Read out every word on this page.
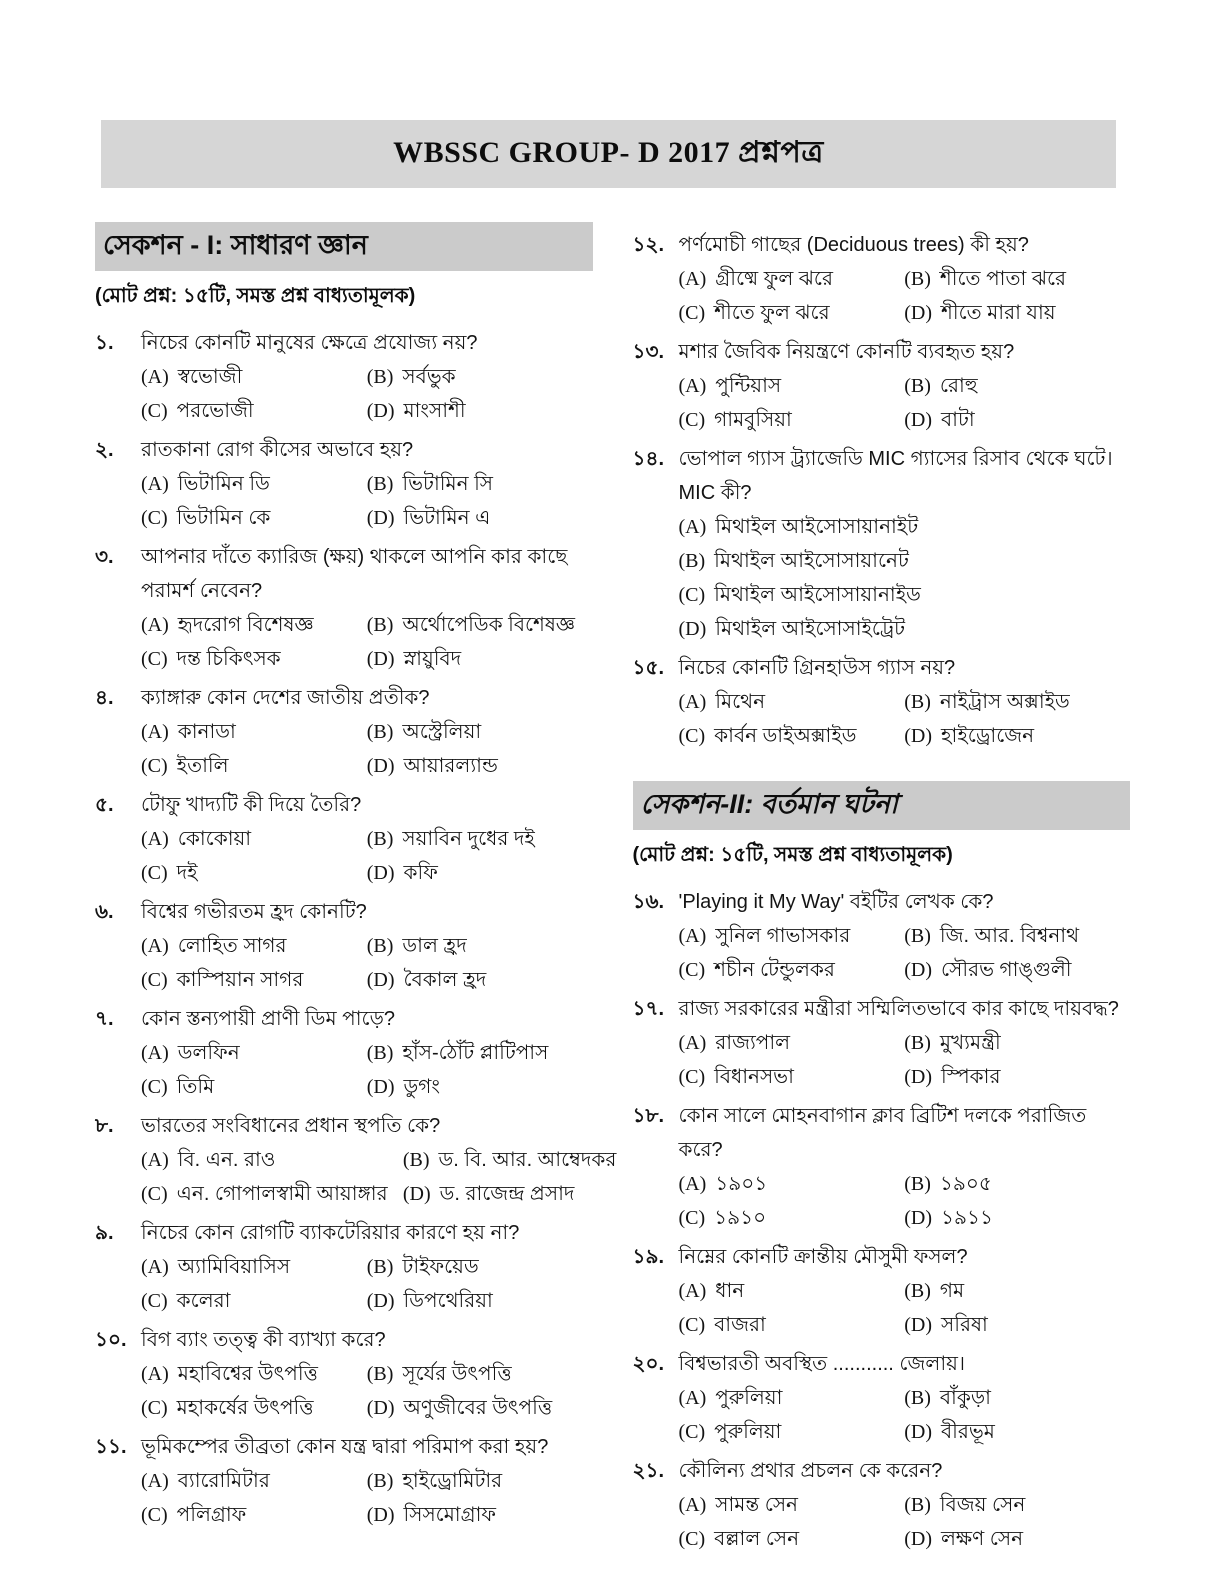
WBSSC GROUP- D 2017 প্রশ্নপত্র
সেকশন - I: সাধারণ জ্ঞান
(মোট প্রশ্ন: ১৫টি, সমস্ত প্রশ্ন বাধ্যতামূলক)
১.	নিচের কোনটি মানুষের ক্ষেত্রে প্রযোজ্য নয়?
(A) স্বভোজী	(B) সর্বভুক
(C) পরভোজী	(D) মাংসাশী
২.	রাতকানা রোগ কীসের অভাবে হয়?
(A) ভিটামিন ডি	(B) ভিটামিন সি
(C) ভিটামিন কে	(D) ভিটামিন এ
৩.	আপনার দাঁতে ক্যারিজ (ক্ষয়) থাকলে আপনি কার কাছে পরামর্শ নেবেন?
(A) হৃদরোগ বিশেষজ্ঞ	(B) অর্থোপেডিক বিশেষজ্ঞ
(C) দন্ত চিকিৎসক	(D) স্নায়ুবিদ
৪.	ক্যাঙ্গারু কোন দেশের জাতীয় প্রতীক?
(A) কানাডা	(B) অস্ট্রেলিয়া
(C) ইতালি	(D) আয়ারল্যান্ড
৫.	টোফু খাদ্যটি কী দিয়ে তৈরি?
(A) কোকোয়া	(B) সয়াবিন দুধের দই
(C) দই	(D) কফি
৬.	বিশ্বের গভীরতম হ্রদ কোনটি?
(A) লোহিত সাগর	(B) ডাল হ্রদ
(C) কাস্পিয়ান সাগর	(D) বৈকাল হ্রদ
৭.	কোন স্তন্যপায়ী প্রাণী ডিম পাড়ে?
(A) ডলফিন	(B) হাঁস-ঠোঁট প্লাটিপাস
(C) তিমি	(D) ডুগং
৮.	ভারতের সংবিধানের প্রধান স্থপতি কে?
(A) বি. এন. রাও	(B) ড. বি. আর. আম্বেদকর
(C) এন. গোপালস্বামী আয়াঙ্গার (D) ড. রাজেন্দ্র প্রসাদ
৯.	নিচের কোন রোগটি ব্যাকটেরিয়ার কারণে হয় না?
(A) অ্যামিবিয়াসিস	(B) টাইফয়েড
(C) কলেরা	(D) ডিপথেরিয়া
১০. বিগ ব্যাং তত্ত্ব কী ব্যাখ্যা করে?
(A) মহাবিশ্বের উৎপত্তি	(B) সূর্যের উৎপত্তি
(C) মহাকর্ষের উৎপত্তি	(D) অণুজীবের উৎপত্তি
১১. ভূমিকম্পের তীব্রতা কোন যন্ত্র দ্বারা পরিমাপ করা হয়?
(A) ব্যারোমিটার	(B) হাইড্রোমিটার
(C) পলিগ্রাফ	(D) সিসমোগ্রাফ
১২. পর্ণমোচী গাছের (Deciduous trees) কী হয়?
(A) গ্রীষ্মে ফুল ঝরে	(B) শীতে পাতা ঝরে
(C) শীতে ফুল ঝরে	(D) শীতে মারা যায়
১৩. মশার জৈবিক নিয়ন্ত্রণে কোনটি ব্যবহৃত হয়?
(A) পুন্টিয়াস	(B) রোহু
(C) গামবুসিয়া	(D) বাটা
১৪. ভোপাল গ্যাস ট্র্যাজেডি MIC গ্যাসের রিসাব থেকে ঘটে। MIC কী?
(A) মিথাইল আইসোসায়ানাইট
(B) মিথাইল আইসোসায়ানেট
(C) মিথাইল আইসোসায়ানাইড
(D) মিথাইল আইসোসাইট্রেট
১৫. নিচের কোনটি গ্রিনহাউস গ্যাস নয়?
(A) মিথেন	(B) নাইট্রাস অক্সাইড
(C) কার্বন ডাইঅক্সাইড	(D) হাইড্রোজেন
সেকশন-II: বর্তমান ঘটনা
(মোট প্রশ্ন: ১৫টি, সমস্ত প্রশ্ন বাধ্যতামূলক)
১৬. 'Playing it My Way' বইটির লেখক কে?
(A) সুনিল গাভাসকার	(B) জি. আর. বিশ্বনাথ
(C) শচীন টেন্ডুলকর	(D) সৌরভ গাঙ্গুলী
১৭. রাজ্য সরকারের মন্ত্রীরা সম্মিলিতভাবে কার কাছে দায়বদ্ধ?
(A) রাজ্যপাল	(B) মুখ্যমন্ত্রী
(C) বিধানসভা	(D) স্পিকার
১৮. কোন সালে মোহনবাগান ক্লাব ব্রিটিশ দলকে পরাজিত করে?
(A) ১৯০১	(B) ১৯০৫
(C) ১৯১০	(D) ১৯১১
১৯. নিম্নের কোনটি ক্রান্তীয় মৌসুমী ফসল?
(A) ধান	(B) গম
(C) বাজরা	(D) সরিষা
২০. বিশ্বভারতী অবস্থিত ........... জেলায়।
(A) পুরুলিয়া	(B) বাঁকুড়া
(C) পুরুলিয়া	(D) বীরভূম
২১. কৌলিন্য প্রথার প্রচলন কে করেন?
(A) সামন্ত সেন	(B) বিজয় সেন
(C) বল্লাল সেন	(D) লক্ষণ সেন
